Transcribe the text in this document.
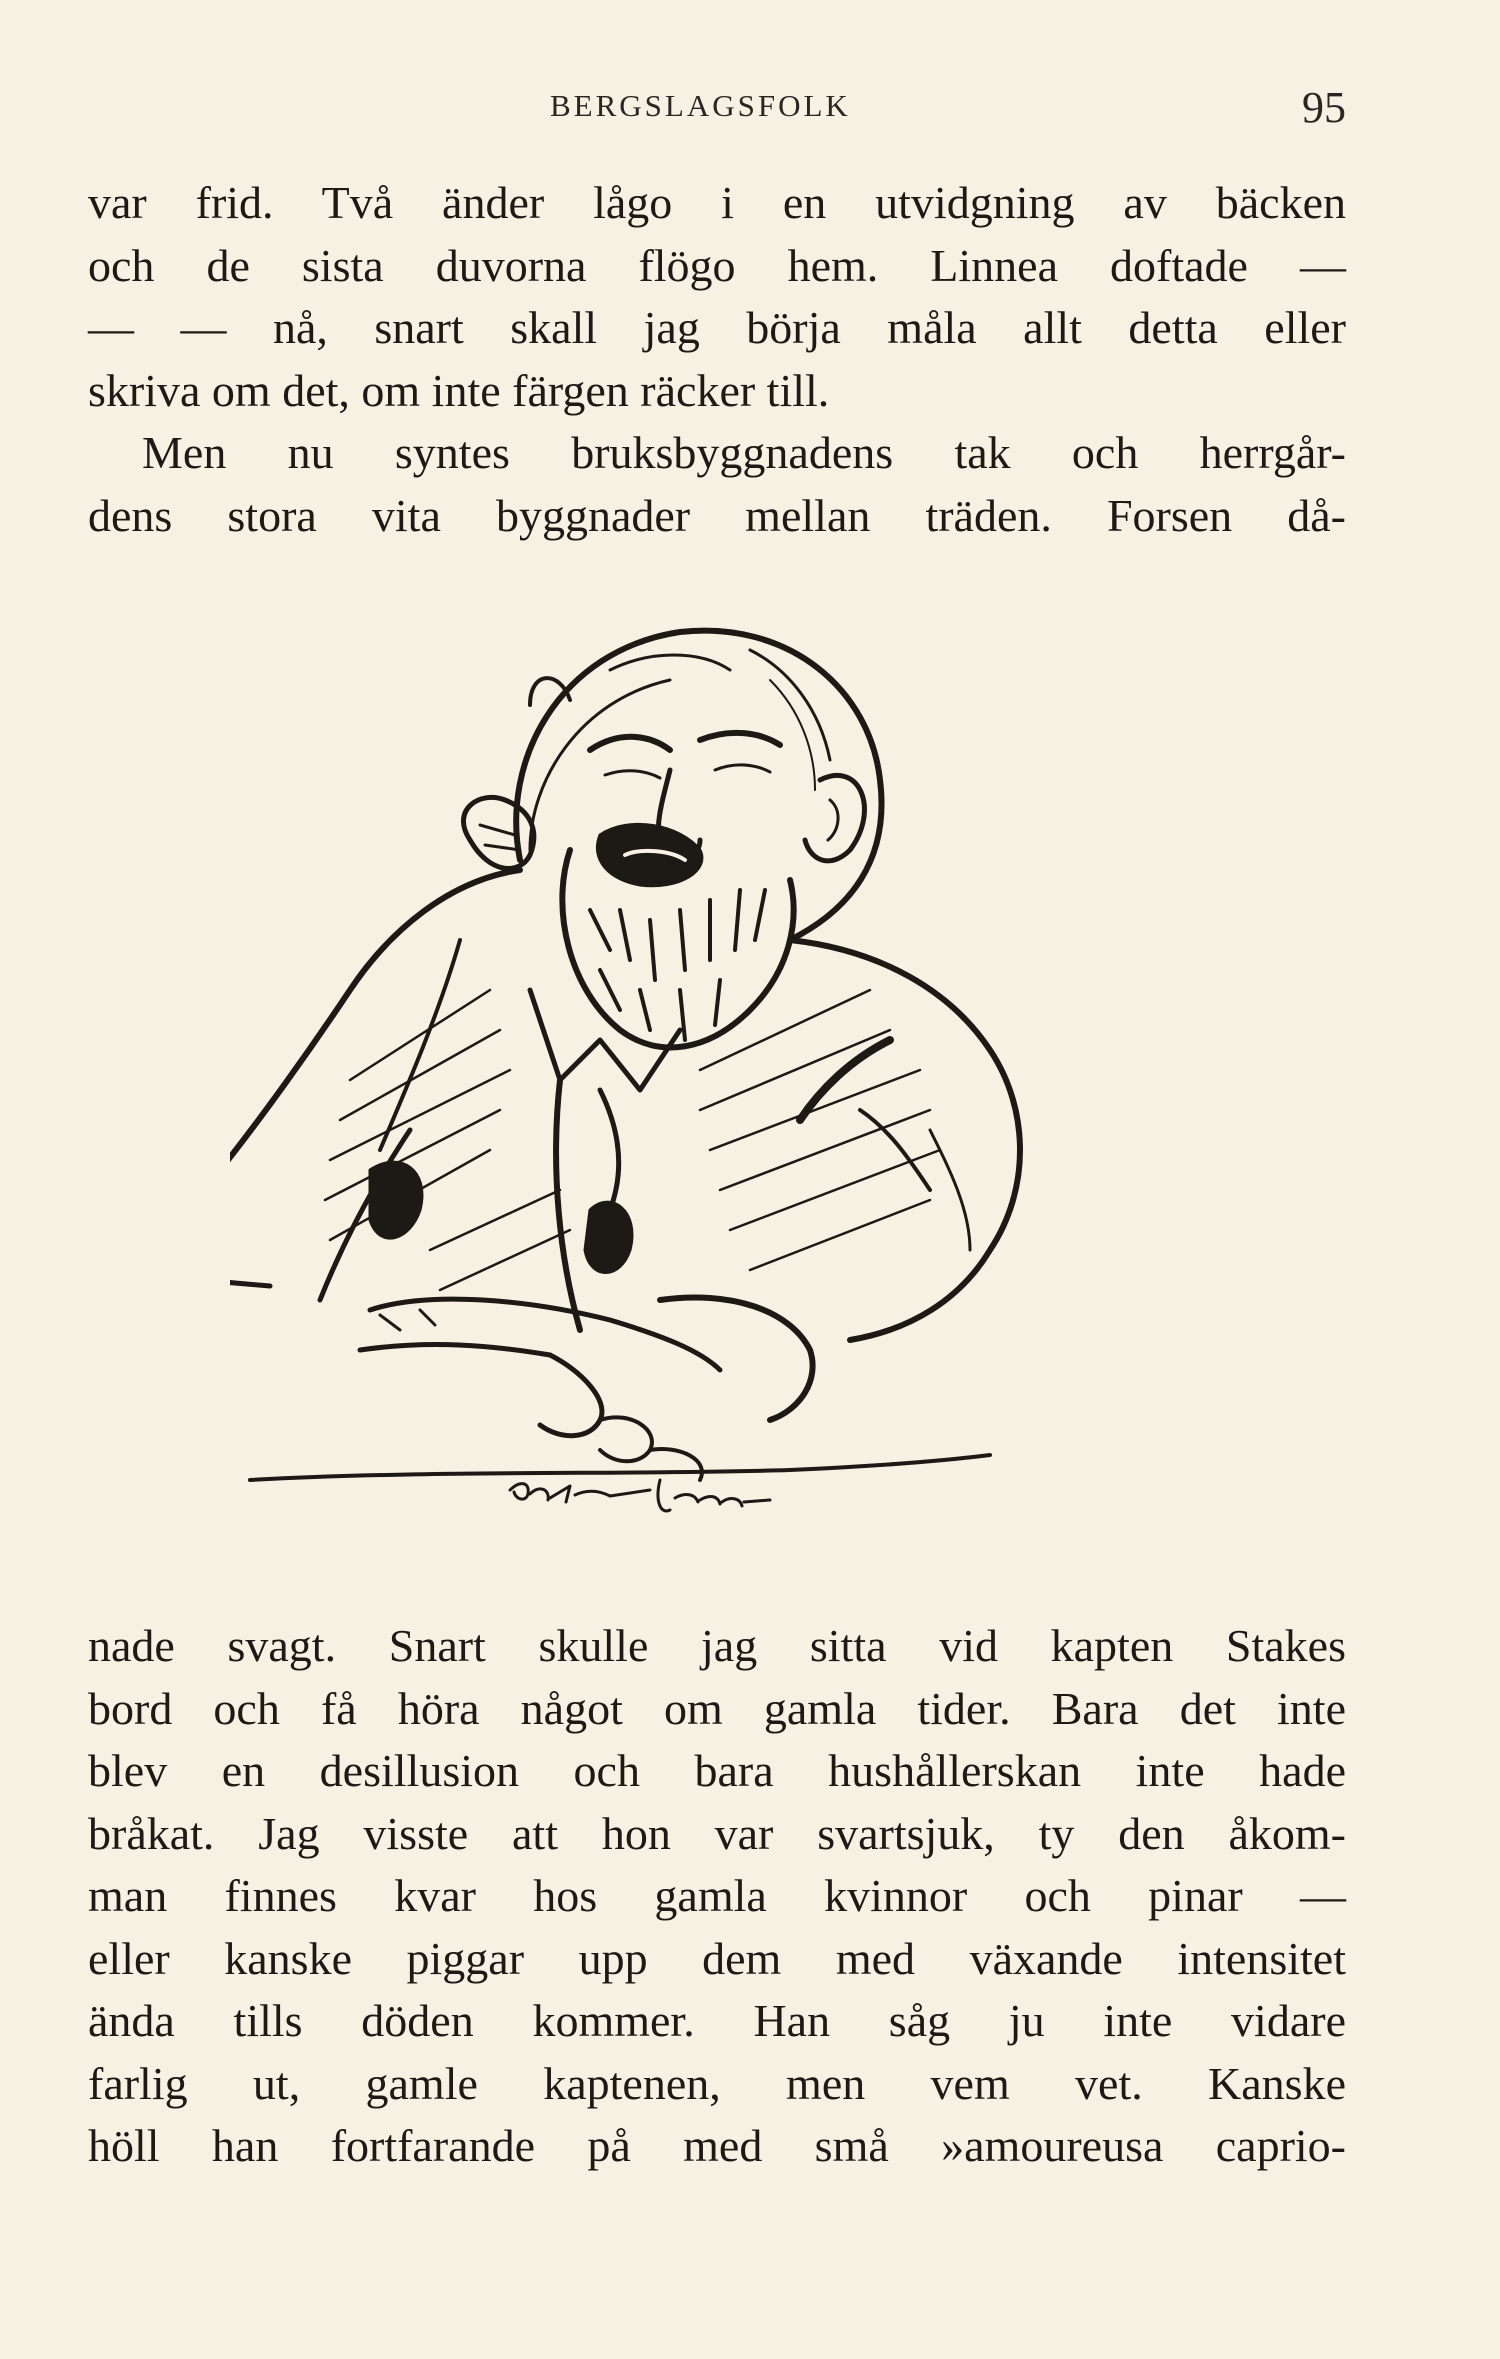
BERGSLAGSFOLK	95
var frid. Två änder lågo i en utvidgning av bäcken
och de sista duvorna flögo hem. Linnea doftade —
— — nå, snart skall jag börja måla allt detta eller
skriva om det, om inte färgen räcker till.
Men nu syntes bruksbyggnadens tak och herrgår-
dens stora vita byggnader mellan träden. Forsen då-
nade svagt. Snart skulle jag sitta vid kapten Stakes
bord och få höra något om gamla tider. Bara det inte
blev en desillusion och bara hushållerskan inte hade
bråkat. Jag visste att hon var svartsjuk, ty den åkom-
man finnes kvar hos gamla kvinnor och pinar —
eller kanske piggar upp dem med växande intensitet
ända tills döden kommer. Han såg ju inte vidare
farlig ut, gamle kaptenen, men vem vet. Kanske
höll han fortfarande på med små »amoureusa caprio-
